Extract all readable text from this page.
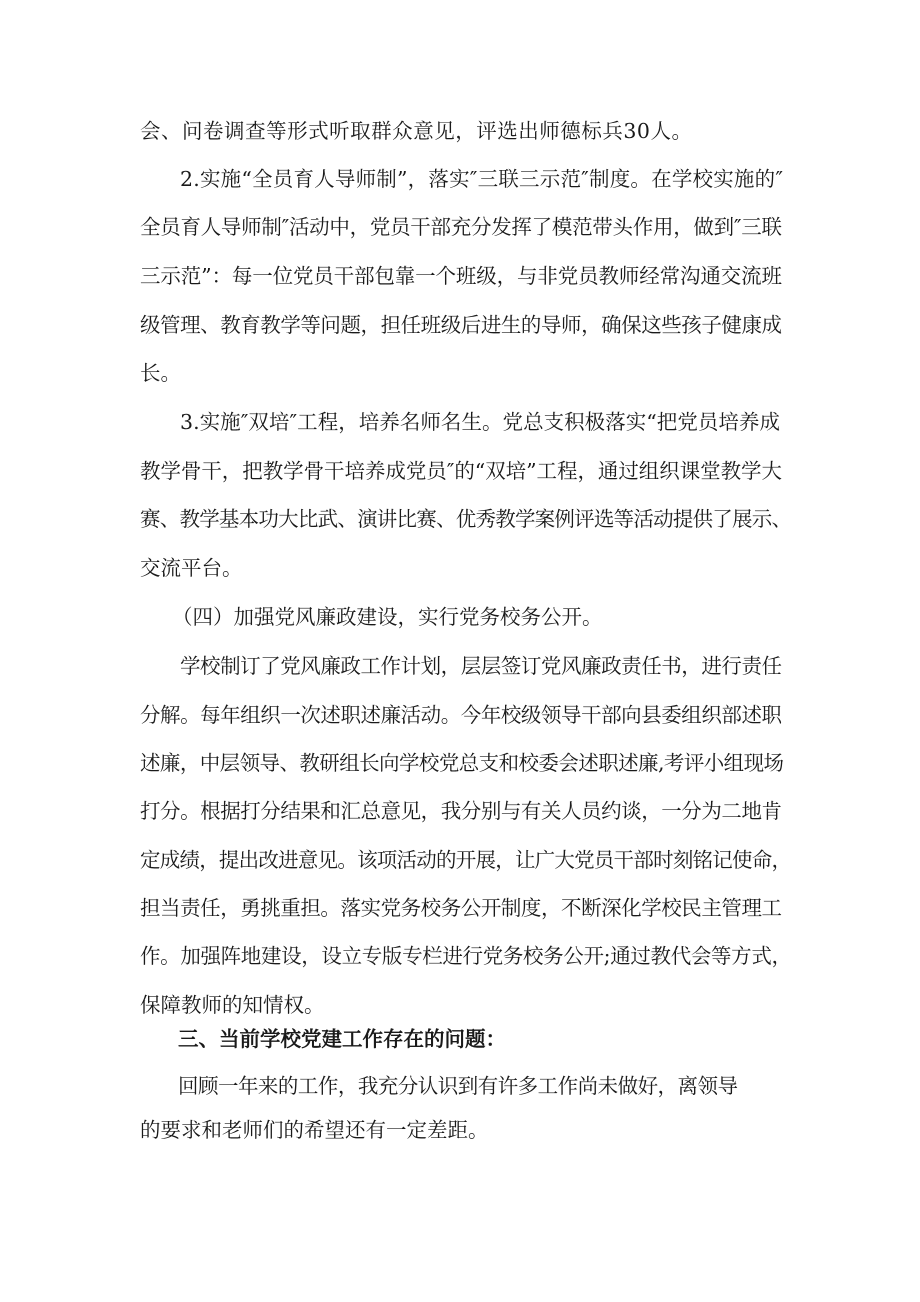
会、问卷调查等形式听取群众意见，评选出师德标兵30人。
2.实施“全员育人导师制”，落实″三联三示范″制度。在学校实施的″
全员育人导师制″活动中，党员干部充分发挥了模范带头作用，做到″三联
三示范”：每一位党员干部包靠一个班级，与非党员教师经常沟通交流班
级管理、教育教学等问题，担任班级后进生的导师，确保这些孩子健康成
长。
3.实施″双培″工程，培养名师名生。党总支积极落实“把党员培养成
教学骨干，把教学骨干培养成党员″的“双培”工程，通过组织课堂教学大
赛、教学基本功大比武、演讲比赛、优秀教学案例评选等活动提供了展示、
交流平台。
（四）加强党风廉政建设，实行党务校务公开。
学校制订了党风廉政工作计划，层层签订党风廉政责任书，进行责任
分解。每年组织一次述职述廉活动。今年校级领导干部向县委组织部述职
述廉，中层领导、教研组长向学校党总支和校委会述职述廉,考评小组现场
打分。根据打分结果和汇总意见，我分别与有关人员约谈，一分为二地肯
定成绩，提出改进意见。该项活动的开展，让广大党员干部时刻铭记使命，
担当责任，勇挑重担。落实党务校务公开制度，不断深化学校民主管理工
作。加强阵地建设，设立专版专栏进行党务校务公开;通过教代会等方式，
保障教师的知情权。
三、当前学校党建工作存在的问题：
回顾一年来的工作，我充分认识到有许多工作尚未做好，离领导
的要求和老师们的希望还有一定差距。
